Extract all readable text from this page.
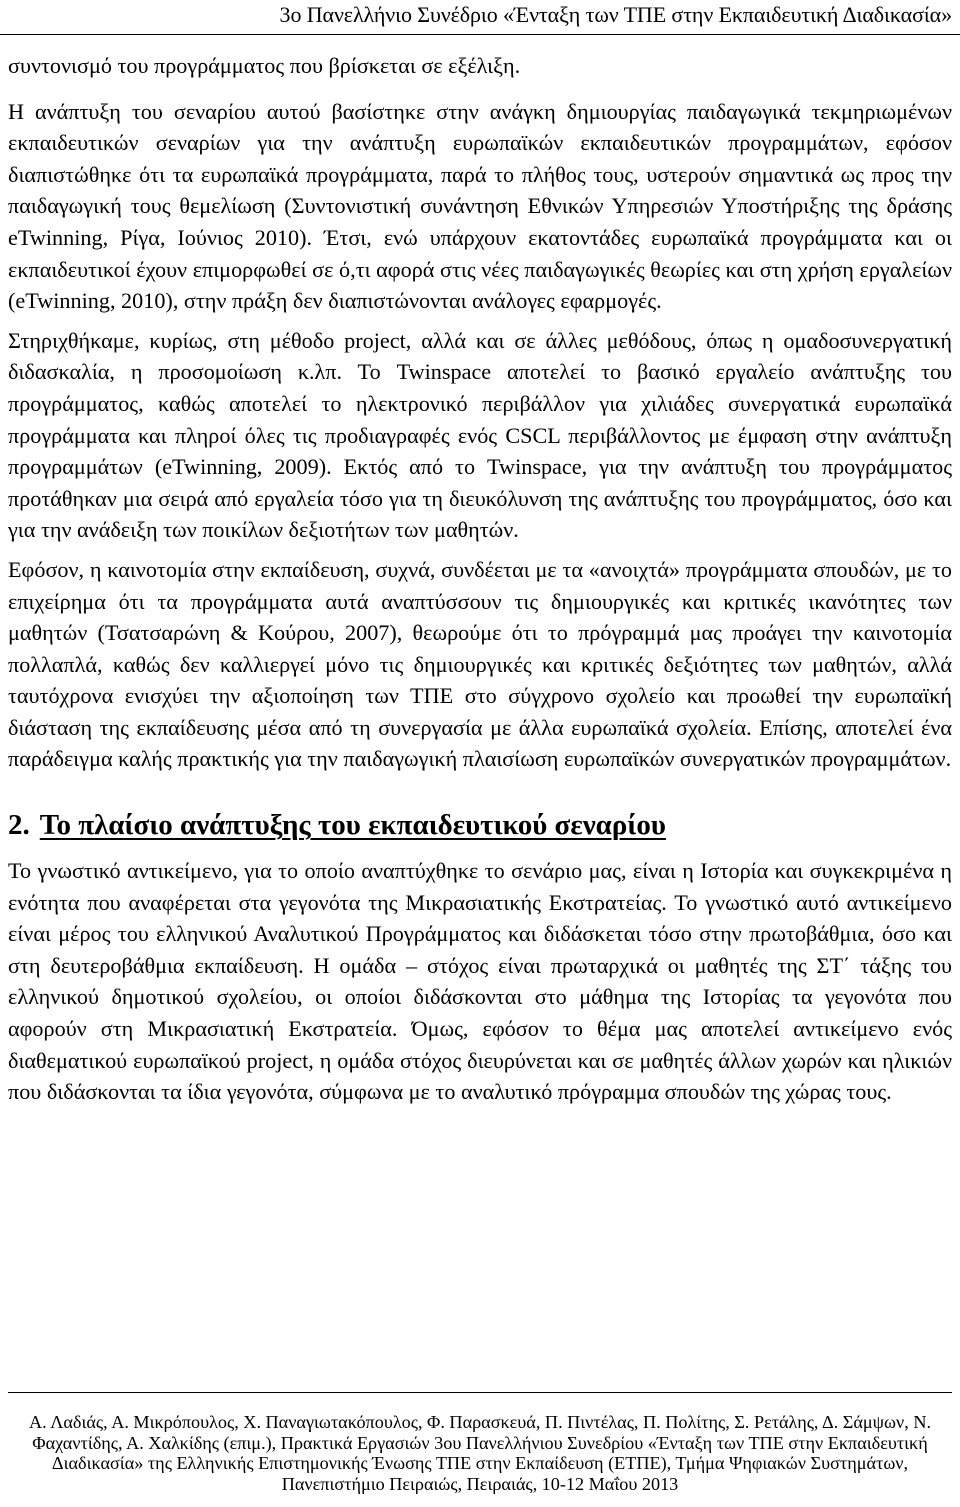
3ο Πανελλήνιο Συνέδριο «Ένταξη των ΤΠΕ στην Εκπαιδευτική Διαδικασία»

συντονισμό του προγράμματος που βρίσκεται σε εξέλιξη.

Η ανάπτυξη του σεναρίου αυτού βασίστηκε στην ανάγκη δημιουργίας παιδαγωγικά τεκμηριωμένων εκπαιδευτικών σεναρίων για την ανάπτυξη ευρωπαϊκών εκπαιδευτικών προγραμμάτων, εφόσον διαπιστώθηκε ότι τα ευρωπαϊκά προγράμματα, παρά το πλήθος τους, υστερούν σημαντικά ως προς την παιδαγωγική τους θεμελίωση (Συντονιστική συνάντηση Εθνικών Υπηρεσιών Υποστήριξης της δράσης eTwinning, Ρίγα, Ιούνιος 2010). Έτσι, ενώ υπάρχουν εκατοντάδες ευρωπαϊκά προγράμματα και οι εκπαιδευτικοί έχουν επιμορφωθεί σε ό,τι αφορά στις νέες παιδαγωγικές θεωρίες και στη χρήση εργαλείων (eTwinning, 2010), στην πράξη δεν διαπιστώνονται ανάλογες εφαρμογές.

Στηριχθήκαμε, κυρίως, στη μέθοδο project, αλλά και σε άλλες μεθόδους, όπως η ομαδοσυνεργατική διδασκαλία, η προσομοίωση κ.λπ. Το Twinspace αποτελεί το βασικό εργαλείο ανάπτυξης του προγράμματος, καθώς αποτελεί το ηλεκτρονικό περιβάλλον για χιλιάδες συνεργατικά ευρωπαϊκά προγράμματα και πληροί όλες τις προδιαγραφές ενός CSCL περιβάλλοντος με έμφαση στην ανάπτυξη προγραμμάτων (eTwinning, 2009). Εκτός από το Twinspace, για την ανάπτυξη του προγράμματος προτάθηκαν μια σειρά από εργαλεία τόσο για τη διευκόλυνση της ανάπτυξης του προγράμματος, όσο και για την ανάδειξη των ποικίλων δεξιοτήτων των μαθητών.

Εφόσον, η καινοτομία στην εκπαίδευση, συχνά, συνδέεται με τα «ανοιχτά» προγράμματα σπουδών, με το επιχείρημα ότι τα προγράμματα αυτά αναπτύσσουν τις δημιουργικές και κριτικές ικανότητες των μαθητών (Τσατσαρώνη & Κούρου, 2007), θεωρούμε ότι το πρόγραμμά μας προάγει την καινοτομία πολλαπλά, καθώς δεν καλλιεργεί μόνο τις δημιουργικές και κριτικές δεξιότητες των μαθητών, αλλά ταυτόχρονα ενισχύει την αξιοποίηση των ΤΠΕ στο σύγχρονο σχολείο και προωθεί την ευρωπαϊκή διάσταση της εκπαίδευσης μέσα από τη συνεργασία με άλλα ευρωπαϊκά σχολεία. Επίσης, αποτελεί ένα παράδειγμα καλής πρακτικής για την παιδαγωγική πλαισίωση ευρωπαϊκών συνεργατικών προγραμμάτων.

2. Το πλαίσιο ανάπτυξης του εκπαιδευτικού σεναρίου

Το γνωστικό αντικείμενο, για το οποίο αναπτύχθηκε το σενάριο μας, είναι η Ιστορία και συγκεκριμένα η ενότητα που αναφέρεται στα γεγονότα της Μικρασιατικής Εκστρατείας. Το γνωστικό αυτό αντικείμενο είναι μέρος του ελληνικού Αναλυτικού Προγράμματος και διδάσκεται τόσο στην πρωτοβάθμια, όσο και στη δευτεροβάθμια εκπαίδευση. Η ομάδα – στόχος είναι πρωταρχικά οι μαθητές της ΣΤ΄ τάξης του ελληνικού δημοτικού σχολείου, οι οποίοι διδάσκονται στο μάθημα της Ιστορίας τα γεγονότα που αφορούν στη Μικρασιατική Εκστρατεία. Όμως, εφόσον το θέμα μας αποτελεί αντικείμενο ενός διαθεματικού ευρωπαϊκού project, η ομάδα στόχος διευρύνεται και σε μαθητές άλλων χωρών και ηλικιών που διδάσκονται τα ίδια γεγονότα, σύμφωνα με το αναλυτικό πρόγραμμα σπουδών της χώρας τους.

Α. Λαδιάς, Α. Μικρόπουλος, Χ. Παναγιωτακόπουλος, Φ. Παρασκευά, Π. Πιντέλας, Π. Πολίτης, Σ. Ρετάλης, Δ. Σάμψων, Ν. Φαχαντίδης, Α. Χαλκίδης (επιμ.), Πρακτικά Εργασιών 3ου Πανελλήνιου Συνεδρίου «Ένταξη των ΤΠΕ στην Εκπαιδευτική Διαδικασία» της Ελληνικής Επιστημονικής Ένωσης ΤΠΕ στην Εκπαίδευση (ΕΤΠΕ), Τμήμα Ψηφιακών Συστημάτων, Πανεπιστήμιο Πειραιώς, Πειραιάς, 10-12 Μαΐου 2013
